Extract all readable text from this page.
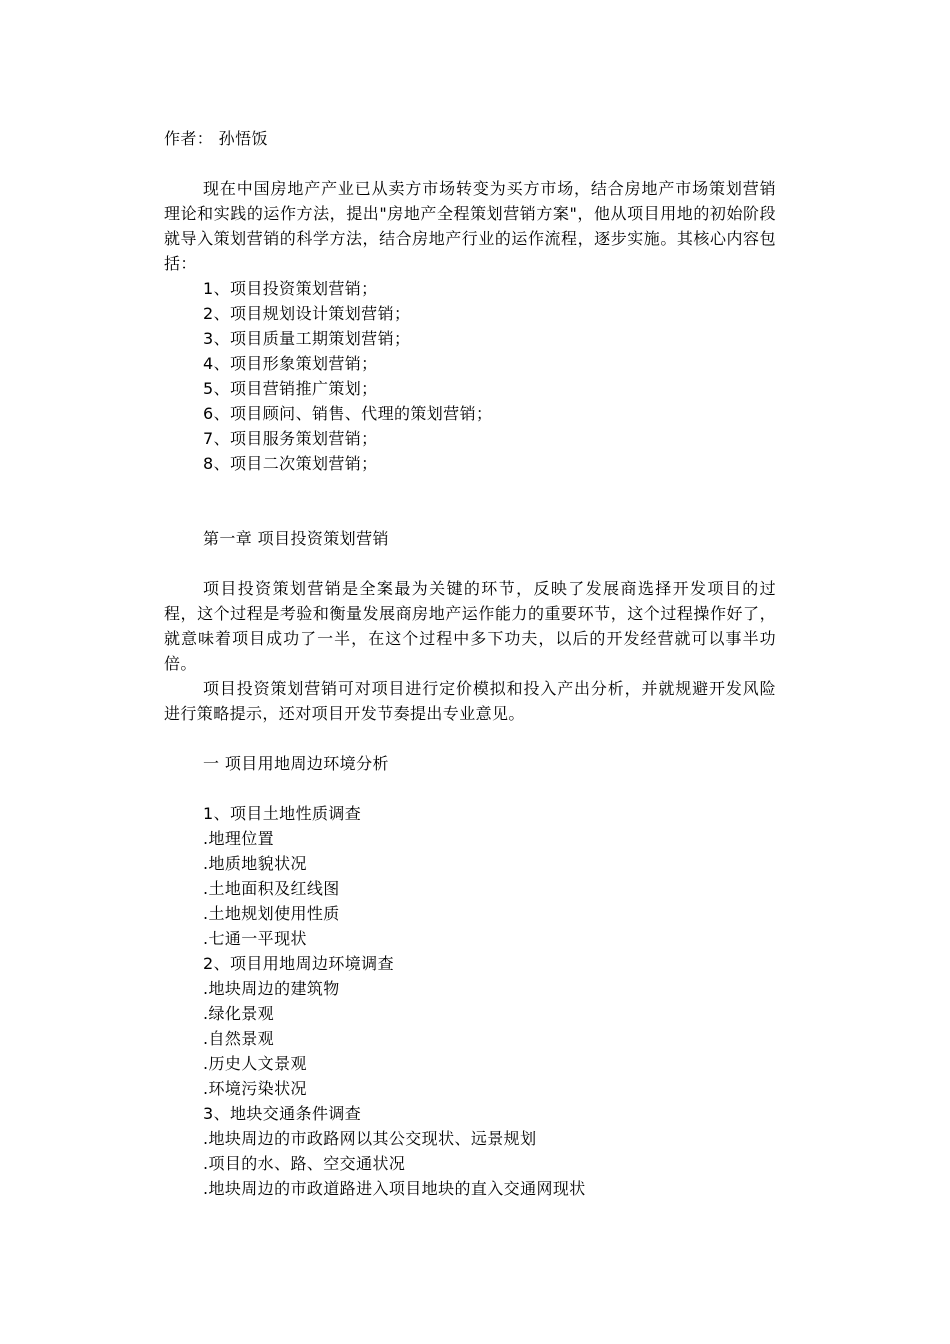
作者： 孙悟饭
现在中国房地产产业已从卖方市场转变为买方市场，结合房地产市场策划营销理论和实践的运作方法，提出"房地产全程策划营销方案"，他从项目用地的初始阶段就导入策划营销的科学方法，结合房地产行业的运作流程，逐步实施。其核心内容包括：
1、项目投资策划营销；
2、项目规划设计策划营销；
3、项目质量工期策划营销；
4、项目形象策划营销；
5、项目营销推广策划；
6、项目顾问、销售、代理的策划营销；
7、项目服务策划营销；
8、项目二次策划营销；
第一章 项目投资策划营销
项目投资策划营销是全案最为关键的环节，反映了发展商选择开发项目的过程，这个过程是考验和衡量发展商房地产运作能力的重要环节，这个过程操作好了，就意味着项目成功了一半，在这个过程中多下功夫，以后的开发经营就可以事半功倍。
项目投资策划营销可对项目进行定价模拟和投入产出分析，并就规避开发风险进行策略提示，还对项目开发节奏提出专业意见。
一 项目用地周边环境分析
1、项目土地性质调查
.地理位置
.地质地貌状况
.土地面积及红线图
.土地规划使用性质
.七通一平现状
2、项目用地周边环境调查
.地块周边的建筑物
.绿化景观
.自然景观
.历史人文景观
.环境污染状况
3、地块交通条件调查
.地块周边的市政路网以其公交现状、远景规划
.项目的水、路、空交通状况
.地块周边的市政道路进入项目地块的直入交通网现状
